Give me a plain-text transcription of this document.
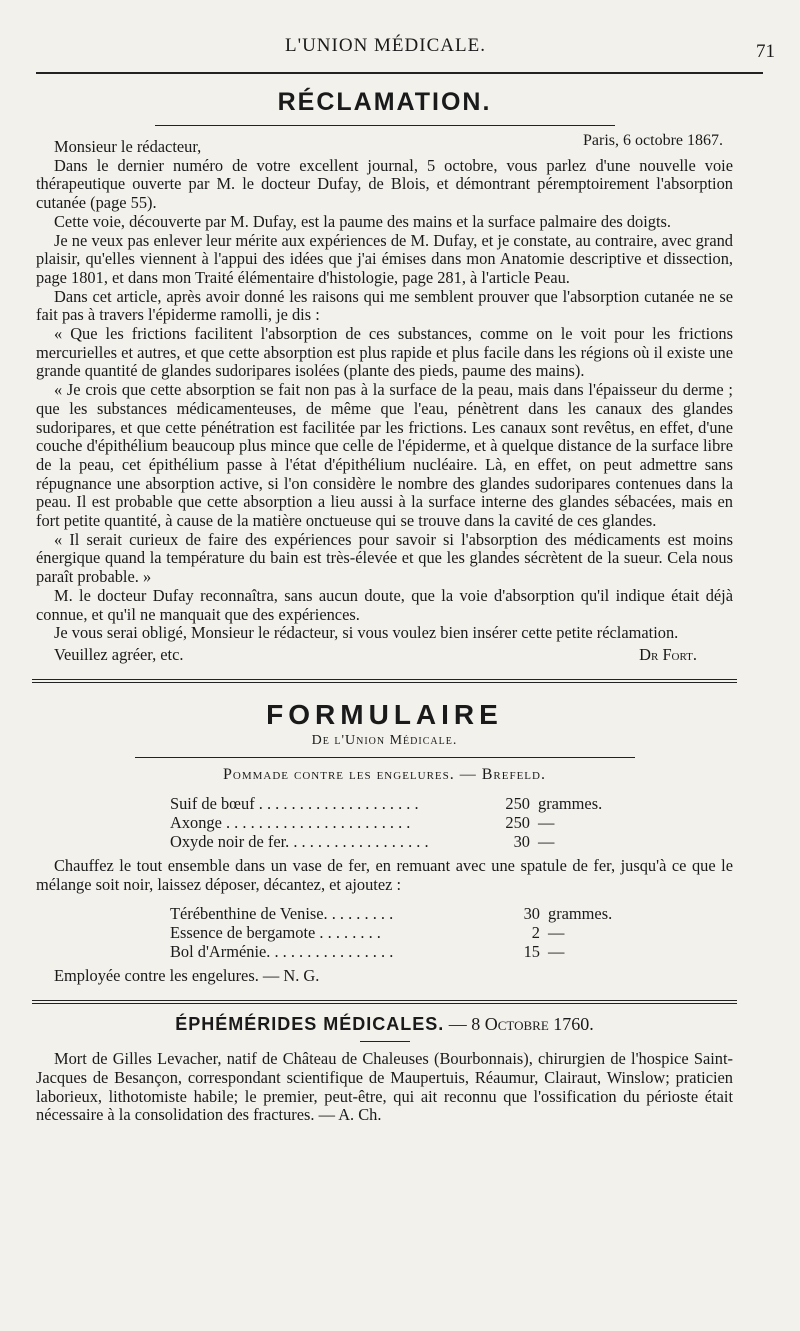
L'UNION MÉDICALE.	71
RÉCLAMATION.
Paris, 6 octobre 1867.

Monsieur le rédacteur,

Dans le dernier numéro de votre excellent journal, 5 octobre, vous parlez d'une nouvelle voie thérapeutique ouverte par M. le docteur Dufay, de Blois, et démontrant péremptoirement l'absorption cutanée (page 55).

Cette voie, découverte par M. Dufay, est la paume des mains et la surface palmaire des doigts.

Je ne veux pas enlever leur mérite aux expériences de M. Dufay, et je constate, au contraire, avec grand plaisir, qu'elles viennent à l'appui des idées que j'ai émises dans mon Anatomie descriptive et dissection, page 1801, et dans mon Traité élémentaire d'histologie, page 281, à l'article Peau.

Dans cet article, après avoir donné les raisons qui me semblent prouver que l'absorption cutanée ne se fait pas à travers l'épiderme ramolli, je dis :

« Que les frictions facilitent l'absorption de ces substances, comme on le voit pour les frictions mercurielles et autres, et que cette absorption est plus rapide et plus facile dans les régions où il existe une grande quantité de glandes sudoripares isolées (plante des pieds, paume des mains).

« Je crois que cette absorption se fait non pas à la surface de la peau, mais dans l'épaisseur du derme ; que les substances médicamenteuses, de même que l'eau, pénètrent dans les canaux des glandes sudoripares, et que cette pénétration est facilitée par les frictions. Les canaux sont revêtus, en effet, d'une couche d'épithélium beaucoup plus mince que celle de l'épiderme, et à quelque distance de la surface libre de la peau, cet épithélium passe à l'état d'épithélium nucléaire. Là, en effet, on peut admettre sans répugnance une absorption active, si l'on considère le nombre des glandes sudoripares contenues dans la peau. Il est probable que cette absorption a lieu aussi à la surface interne des glandes sébacées, mais en fort petite quantité, à cause de la matière onctueuse qui se trouve dans la cavité de ces glandes.

« Il serait curieux de faire des expériences pour savoir si l'absorption des médicaments est moins énergique quand la température du bain est très-élevée et que les glandes sécrètent de la sueur. Cela nous paraît probable. »

M. le docteur Dufay reconnaîtra, sans aucun doute, que la voie d'absorption qu'il indique était déjà connue, et qu'il ne manquait que des expériences.

Je vous serai obligé, Monsieur le rédacteur, si vous voulez bien insérer cette petite réclamation.

Veuillez agréer, etc.	Dr Fort.
FORMULAIRE
De l'Union Médicale.
Pommade contre les engelures. — Brefeld.
Suif de bœuf . . . . . . . . . . . . . . . . . . . .	250 grammes.
Axonge . . . . . . . . . . . . . . . . . . . . . . .	250 —
Oxyde noir de fer. . . . . . . . . . . . . . . . . .	30 —

Chauffez le tout ensemble dans un vase de fer, en remuant avec une spatule de fer, jusqu'à ce que le mélange soit noir, laissez déposer, décantez, et ajoutez :

Térébenthine de Venise. . . . . . . . .	30 grammes.
Essence de bergamote . . . . . . . .	2 —
Bol d'Arménie. . . . . . . . . . . . . . . .	15 —

Employée contre les engelures. — N. G.

ÉPHÉMÉRIDES MÉDICALES. — 8 Octobre 1760.

Mort de Gilles Levacher, natif de Château de Chaleuses (Bourbonnais), chirurgien de l'hospice Saint-Jacques de Besançon, correspondant scientifique de Maupertuis, Réaumur, Clairaut, Winslow; praticien laborieux, lithotomiste habile; le premier, peut-être, qui ait reconnu que l'ossification du périoste était nécessaire à la consolidation des fractures. — A. Ch.
